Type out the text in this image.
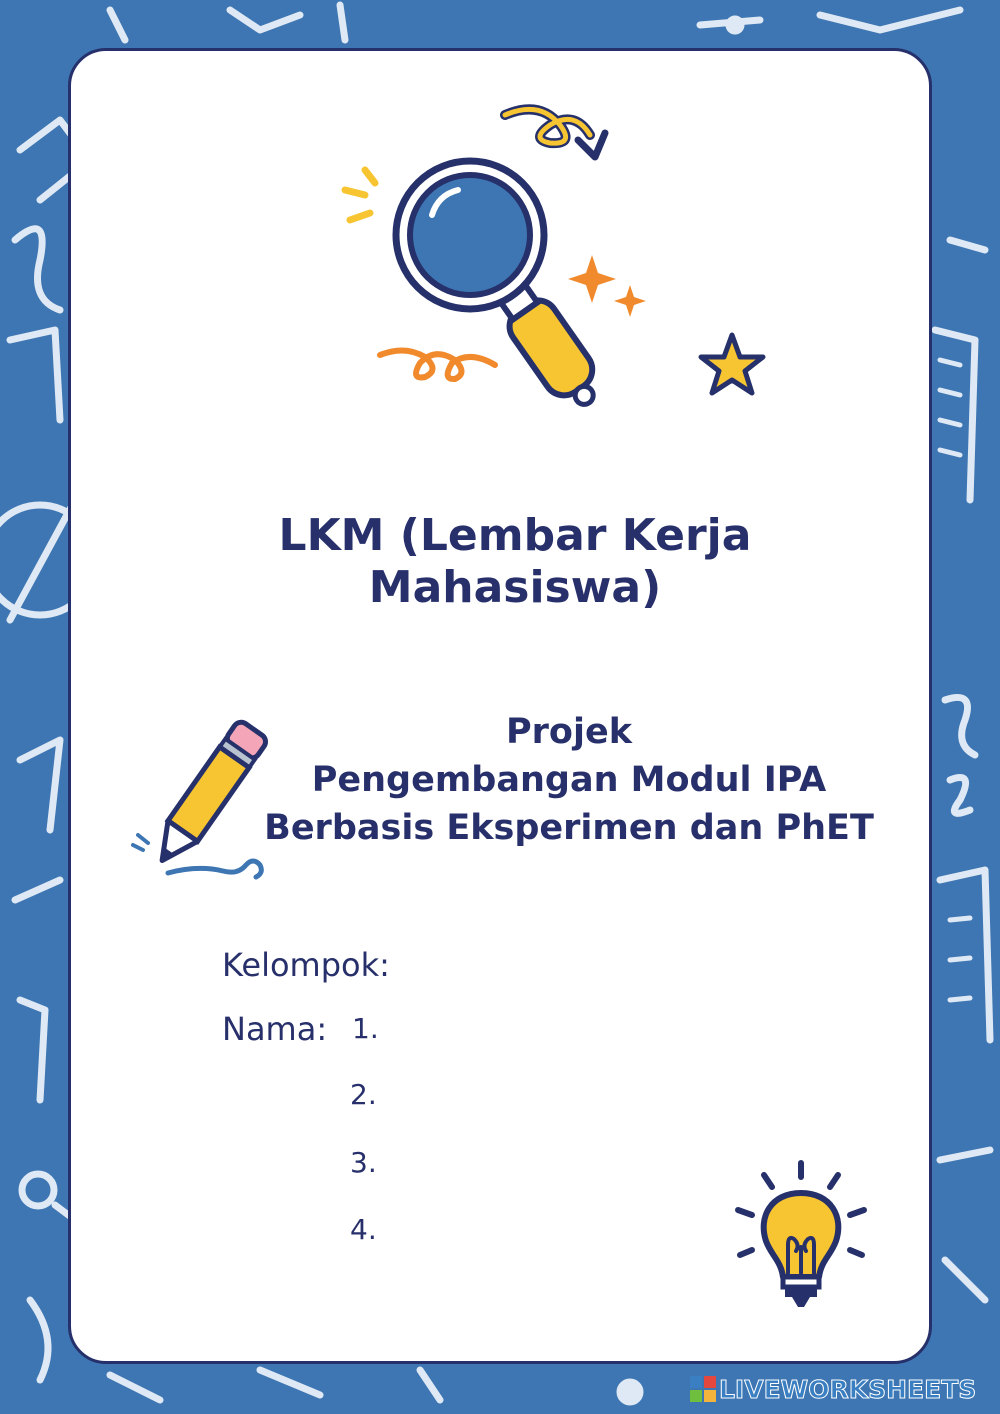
LKM (Lembar Kerja
Mahasiswa)
Projek
Pengembangan Modul IPA
Berbasis Eksperimen dan PhET
Kelompok:
Nama: 1.
2.
3.
4.
LIVEWORKSHEETS
